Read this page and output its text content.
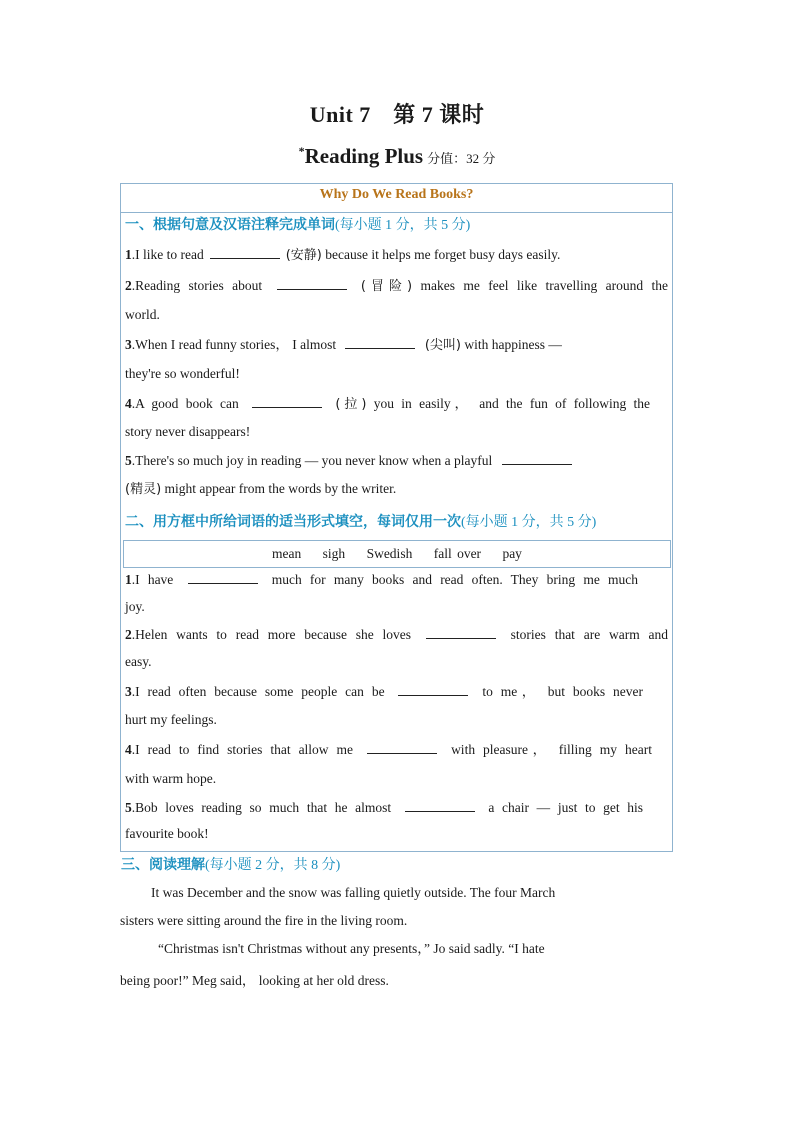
Unit 7　第 7 课时
*Reading Plus 分值：32 分
Why Do We Read Books?
一、根据句意及汉语注释完成单词(每小题 1 分，共 5 分)
1.I like to read	(安静) because it helps me forget busy days easily.
2.Reading stories about	(冒险) makes me feel like travelling around the
world.
3.When I read funny stories， I almost	(尖叫) with happiness —
they're so wonderful!
4.A good book can	(拉) you in easily， and the fun of following the
story never disappears!
5.There's so much joy in reading — you never know when a playful
(精灵) might appear from the words by the writer.
二、用方框中所给词语的适当形式填空，每词仅用一次(每小题 1 分，共 5 分)
mean sigh Swedish fall over pay
1.I have	much for many books and read often. They bring me much
joy.
2.Helen wants to read more because she loves	stories that are warm and
easy.
3.I read often because some people can be	to me， but books never
hurt my feelings.
4.I read to find stories that allow me	with pleasure， filling my heart
with warm hope.
5.Bob loves reading so much that he almost	a chair — just to get his
favourite book!
三、阅读理解(每小题 2 分，共 8 分)
It was December and the snow was falling quietly outside. The four March
sisters were sitting around the fire in the living room.
“Christmas isn't Christmas without any presents，” Jo said sadly. “I hate
being poor!” Meg said， looking at her old dress.
